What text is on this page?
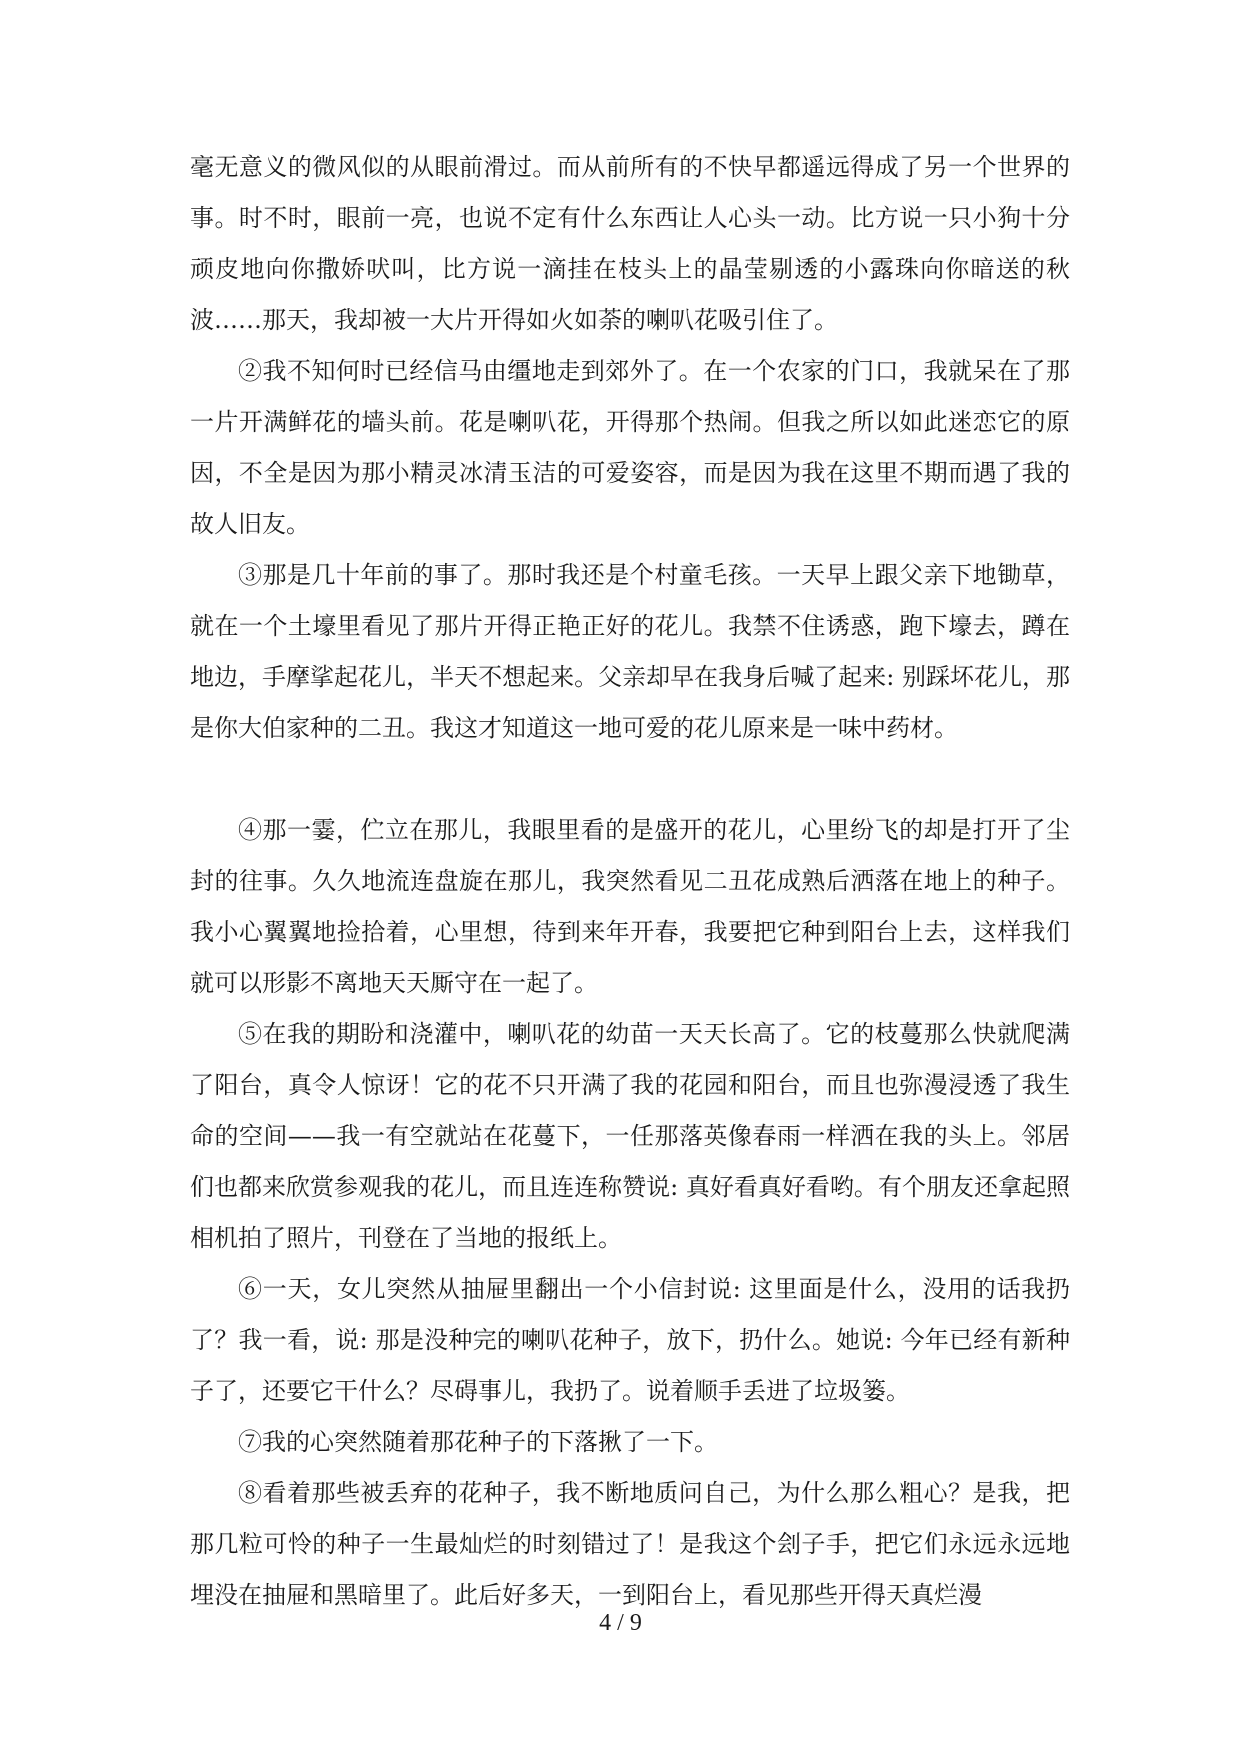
毫无意义的微风似的从眼前滑过。而从前所有的不快早都遥远得成了另一个世界的事。时不时，眼前一亮，也说不定有什么东西让人心头一动。比方说一只小狗十分顽皮地向你撒娇吠叫，比方说一滴挂在枝头上的晶莹剔透的小露珠向你暗送的秋波……那天，我却被一大片开得如火如荼的喇叭花吸引住了。

②我不知何时已经信马由缰地走到郊外了。在一个农家的门口，我就呆在了那一片开满鲜花的墙头前。花是喇叭花，开得那个热闹。但我之所以如此迷恋它的原因，不全是因为那小精灵冰清玉洁的可爱姿容，而是因为我在这里不期而遇了我的故人旧友。

③那是几十年前的事了。那时我还是个村童毛孩。一天早上跟父亲下地锄草，就在一个土壕里看见了那片开得正艳正好的花儿。我禁不住诱惑，跑下壕去，蹲在地边，手摩挲起花儿，半天不想起来。父亲却早在我身后喊了起来: 别踩坏花儿，那是你大伯家种的二丑。我这才知道这一地可爱的花儿原来是一味中药材。

④那一霎，伫立在那儿，我眼里看的是盛开的花儿，心里纷飞的却是打开了尘封的往事。久久地流连盘旋在那儿，我突然看见二丑花成熟后洒落在地上的种子。我小心翼翼地捡拾着，心里想，待到来年开春，我要把它种到阳台上去，这样我们就可以形影不离地天天厮守在一起了。

⑤在我的期盼和浇灌中，喇叭花的幼苗一天天长高了。它的枝蔓那么快就爬满了阳台，真令人惊讶！它的花不只开满了我的花园和阳台，而且也弥漫浸透了我生命的空间——我一有空就站在花蔓下，一任那落英像春雨一样洒在我的头上。邻居们也都来欣赏参观我的花儿，而且连连称赞说: 真好看真好看哟。有个朋友还拿起照相机拍了照片，刊登在了当地的报纸上。

⑥一天，女儿突然从抽屉里翻出一个小信封说: 这里面是什么，没用的话我扔了？我一看，说: 那是没种完的喇叭花种子，放下，扔什么。她说: 今年已经有新种子了，还要它干什么？尽碍事儿，我扔了。说着顺手丢进了垃圾篓。

⑦我的心突然随着那花种子的下落揪了一下。

⑧看着那些被丢弃的花种子，我不断地质问自己，为什么那么粗心？是我，把那几粒可怜的种子一生最灿烂的时刻错过了！是我这个刽子手，把它们永远永远地埋没在抽屉和黑暗里了。此后好多天，一到阳台上，看见那些开得天真烂漫

4 / 9
